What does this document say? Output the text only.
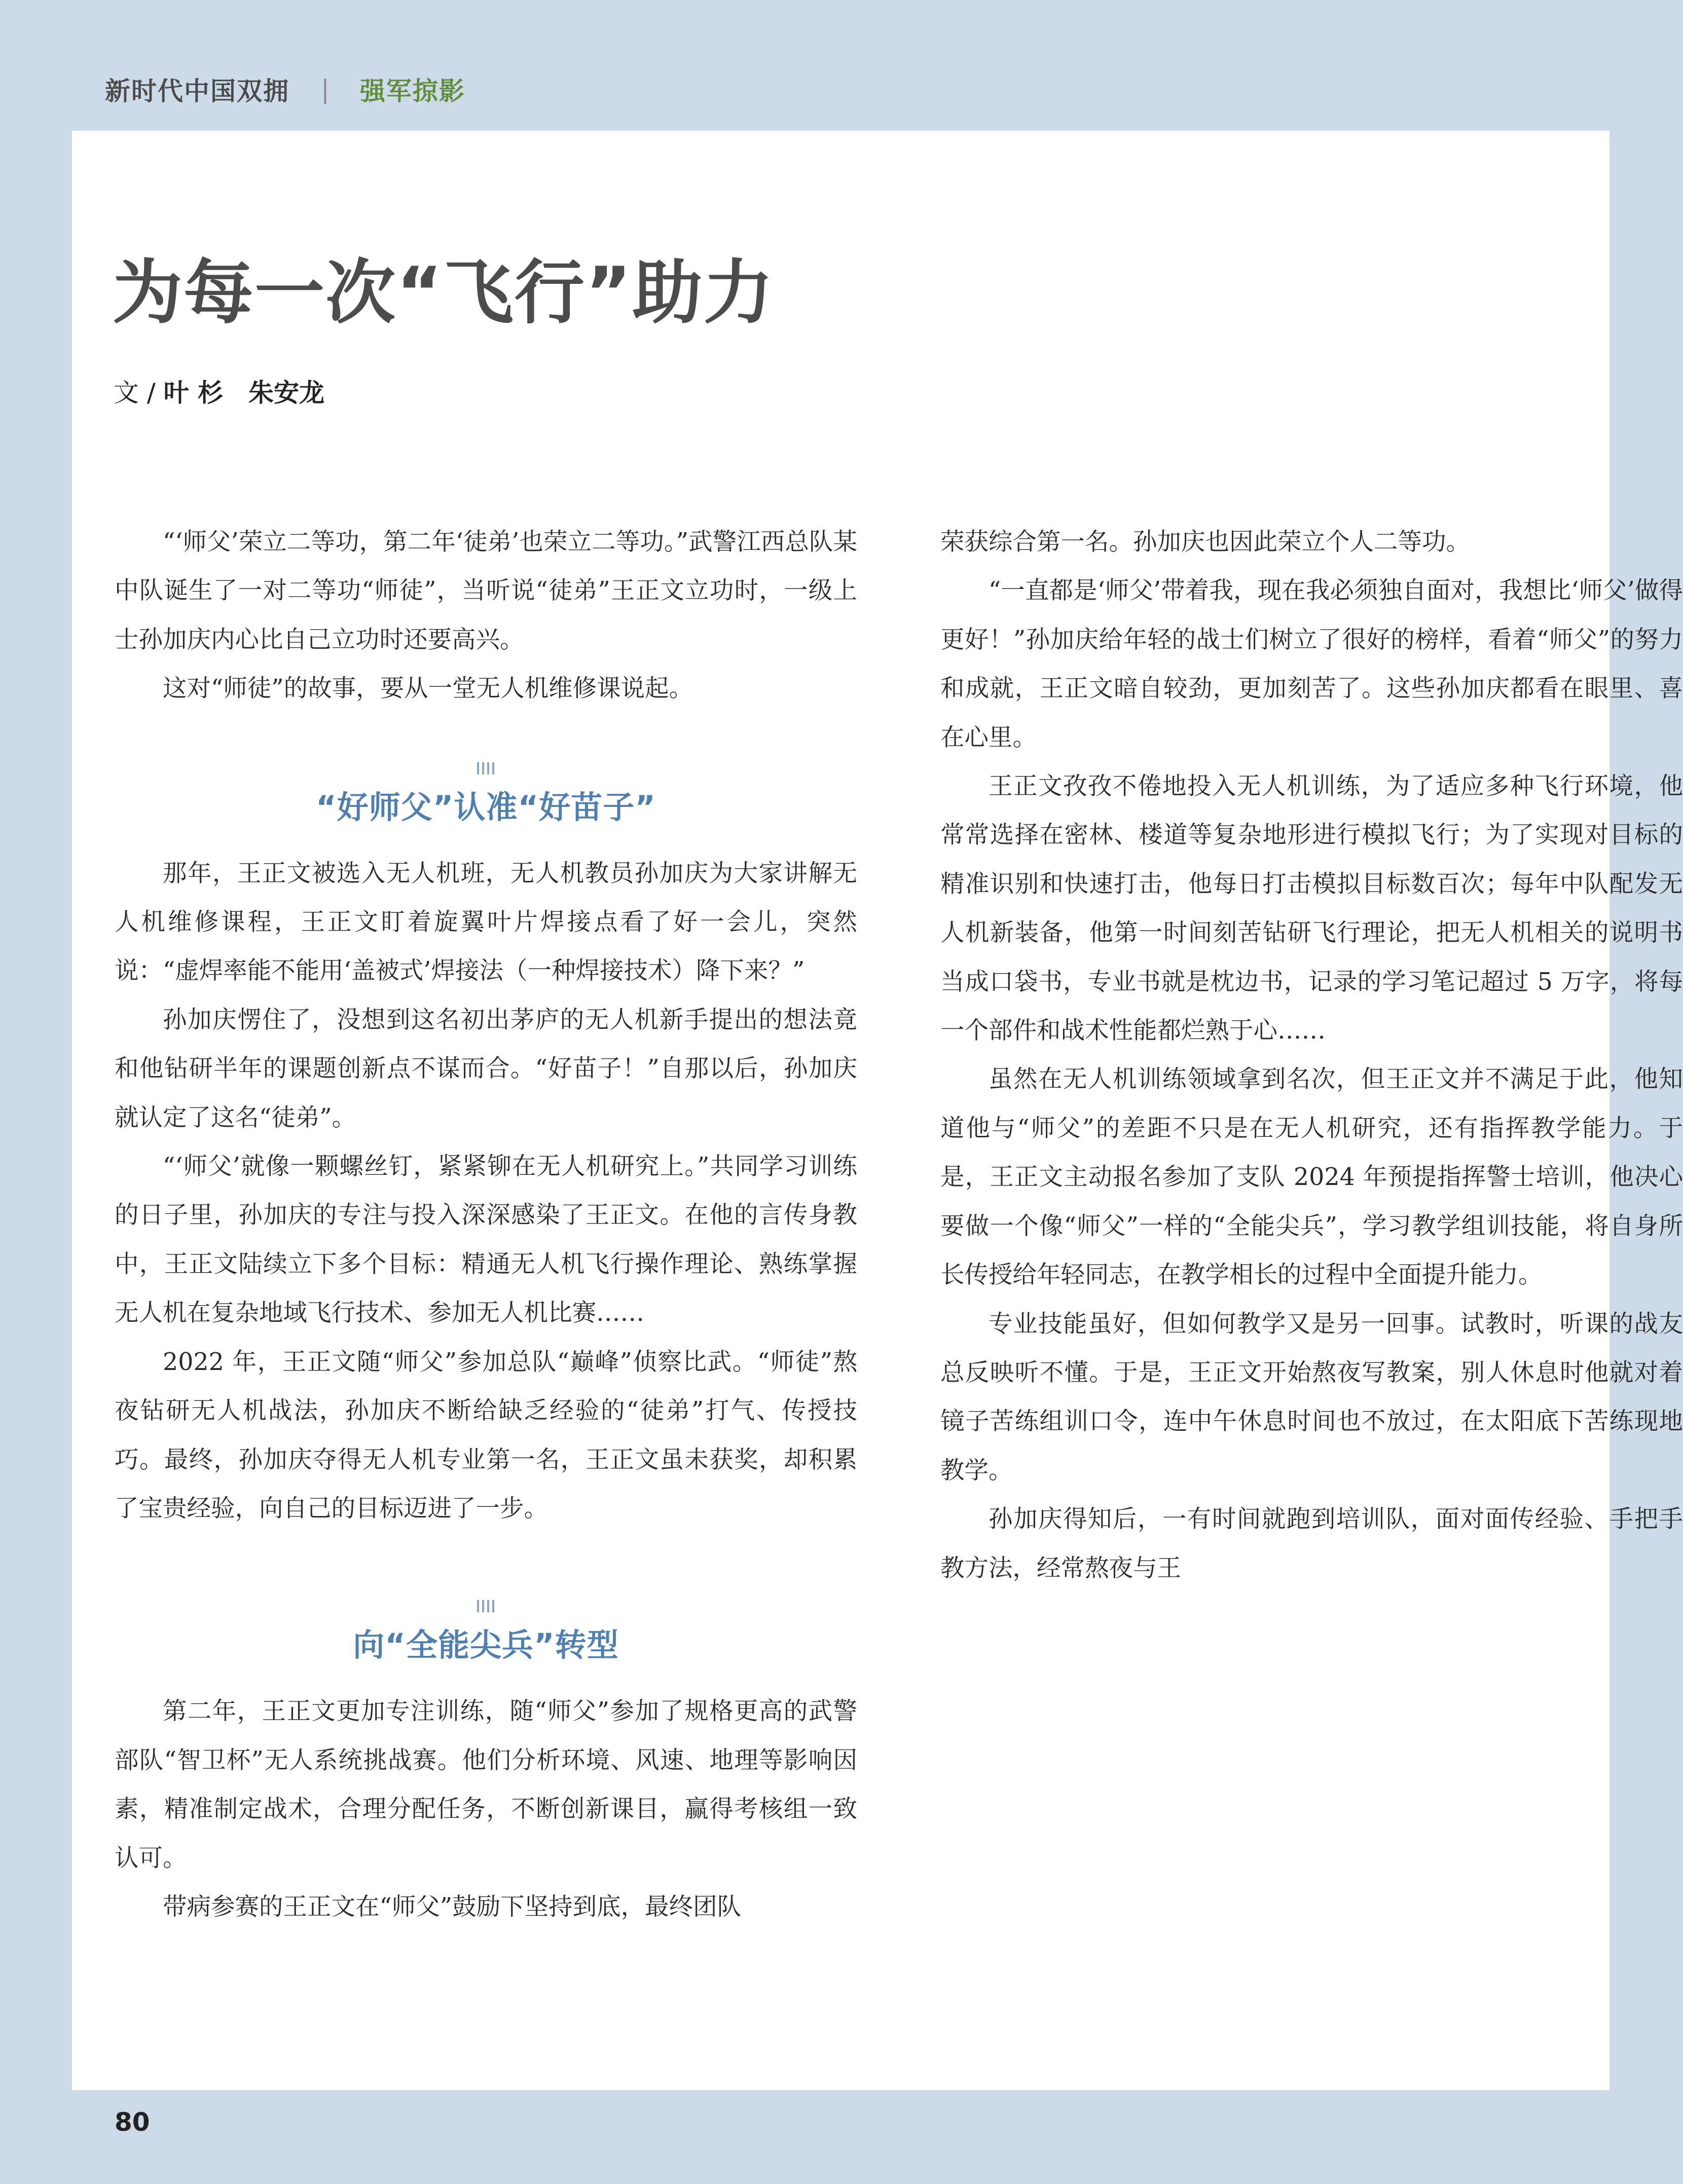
新时代中国双拥 | 强军掠影
为每一次“飞行”助力
文 / 叶 杉　朱安龙

“‘师父’荣立二等功，第二年‘徒弟’也荣立二等功。”武警江西总队某中队诞生了一对二等功“师徒”，当听说“徒弟”王正文立功时，一级上士孙加庆内心比自己立功时还要高兴。

这对“师徒”的故事，要从一堂无人机维修课说起。

“好师父”认准“好苗子”

那年，王正文被选入无人机班，无人机教员孙加庆为大家讲解无人机维修课程，王正文盯着旋翼叶片焊接点看了好一会儿，突然说：“虚焊率能不能用‘盖被式’焊接法（一种焊接技术）降下来？”

孙加庆愣住了，没想到这名初出茅庐的无人机新手提出的想法竟和他钻研半年的课题创新点不谋而合。“好苗子！”自那以后，孙加庆就认定了这名“徒弟”。

“‘师父’就像一颗螺丝钉，紧紧铆在无人机研究上。”共同学习训练的日子里，孙加庆的专注与投入深深感染了王正文。在他的言传身教中，王正文陆续立下多个目标：精通无人机飞行操作理论、熟练掌握无人机在复杂地域飞行技术、参加无人机比赛……

2022 年，王正文随“师父”参加总队“巅峰”侦察比武。“师徒”熬夜钻研无人机战法，孙加庆不断给缺乏经验的“徒弟”打气、传授技巧。最终，孙加庆夺得无人机专业第一名，王正文虽未获奖，却积累了宝贵经验，向自己的目标迈进了一步。

向“全能尖兵”转型

第二年，王正文更加专注训练，随“师父”参加了规格更高的武警部队“智卫杯”无人系统挑战赛。他们分析环境、风速、地理等影响因素，精准制定战术，合理分配任务，不断创新课目，赢得考核组一致认可。

带病参赛的王正文在“师父”鼓励下坚持到底，最终团队

荣获综合第一名。孙加庆也因此荣立个人二等功。

“一直都是‘师父’带着我，现在我必须独自面对，我想比‘师父’做得更好！”孙加庆给年轻的战士们树立了很好的榜样，看着“师父”的努力和成就，王正文暗自较劲，更加刻苦了。这些孙加庆都看在眼里、喜在心里。

王正文孜孜不倦地投入无人机训练，为了适应多种飞行环境，他常常选择在密林、楼道等复杂地形进行模拟飞行；为了实现对目标的精准识别和快速打击，他每日打击模拟目标数百次；每年中队配发无人机新装备，他第一时间刻苦钻研飞行理论，把无人机相关的说明书当成口袋书，专业书就是枕边书，记录的学习笔记超过 5 万字，将每一个部件和战术性能都烂熟于心……

虽然在无人机训练领域拿到名次，但王正文并不满足于此，他知道他与“师父”的差距不只是在无人机研究，还有指挥教学能力。于是，王正文主动报名参加了支队 2024 年预提指挥警士培训，他决心要做一个像“师父”一样的“全能尖兵”，学习教学组训技能，将自身所长传授给年轻同志，在教学相长的过程中全面提升能力。

专业技能虽好，但如何教学又是另一回事。试教时，听课的战友总反映听不懂。于是，王正文开始熬夜写教案，别人休息时他就对着镜子苦练组训口令，连中午休息时间也不放过，在太阳底下苦练现地教学。

孙加庆得知后，一有时间就跑到培训队，面对面传经验、手把手教方法，经常熬夜与王

80
